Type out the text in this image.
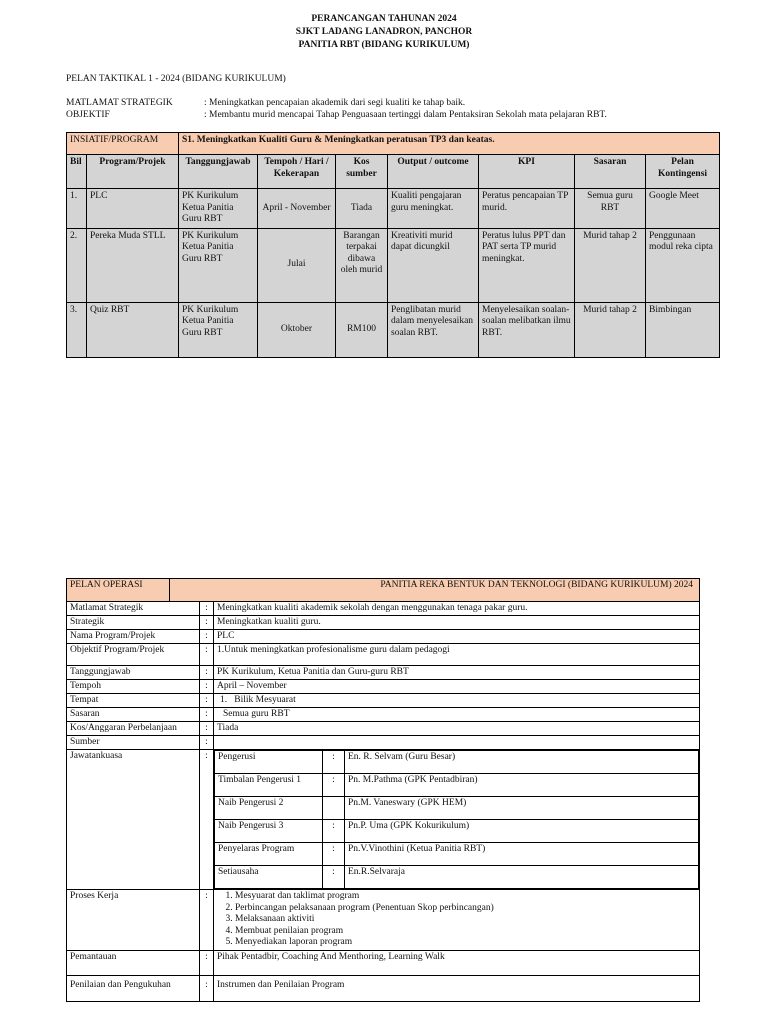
PERANCANGAN TAHUNAN 2024
SJKT LADANG LANADRON, PANCHOR
PANITIA RBT (BIDANG KURIKULUM)
PELAN TAKTIKAL 1 - 2024 (BIDANG KURIKULUM)
MATLAMAT STRATEGIK	: Meningkatkan pencapaian akademik dari segi kualiti ke tahap baik.
OBJEKTIF	: Membantu murid mencapai Tahap Penguasaan tertinggi dalam Pentaksiran Sekolah mata pelajaran RBT.
INSIATIF/PROGRAM		S1. Meningkatkan Kualiti Guru & Meningkatkan peratusan TP3 dan keatas.						
Bil	Program/Projek	Tanggungjawab	Tempoh / Hari / Kekerapan	Kos sumber	Output / outcome	KPI	Sasaran	Pelan Kontingensi
1.	PLC	PK Kurikulum Ketua Panitia Guru RBT	April - November	Tiada	Kualiti pengajaran guru meningkat.	Peratus pencapaian TP murid.	Semua guru RBT	Google Meet
2.	Pereka Muda STLL	PK Kurikulum Ketua Panitia Guru RBT	Julai	Barangan terpakai dibawa oleh murid	Kreativiti murid dapat dicungkil	Peratus lulus PPT dan PAT serta TP murid meningkat.	Murid tahap 2	Penggunaan modul reka cipta
3.	Quiz RBT	PK Kurikulum Ketua Panitia Guru RBT	Oktober	RM100	Penglibatan murid dalam menyelesaikan soalan RBT.	Menyelesaikan soalan-soalan melibatkan ilmu RBT.	Murid tahap 2	Bimbingan
PELAN OPERASI	PANITIA REKA BENTUK DAN TEKNOLOGI (BIDANG KURIKULUM) 2024
Matlamat Strategik	:	Meningkatkan kualiti akademik sekolah dengan menggunakan tenaga pakar guru.
Strategik	:	Meningkatkan kualiti guru.
Nama Program/Projek	:	PLC
Objektif Program/Projek	:	1.Untuk meningkatkan profesionalisme guru dalam pedagogi
Tanggungjawab	:	PK Kurikulum, Ketua Panitia dan Guru-guru RBT
Tempoh	:	April – November
Tempat	:	1.   Bilik Mesyuarat
Sasaran	:	Semua guru RBT
Kos/Anggaran Perbelanjaan	:	Tiada
Sumber	:	
Jawatankuasa	:	Pengerusi	:	En. R. Selvam (Guru Besar)
Timbalan Pengerusi 1	:	Pn. M.Pathma (GPK Pentadbiran)
Naib Pengerusi 2		Pn.M. Vaneswary (GPK HEM)
Naib Pengerusi 3	:	Pn.P. Uma (GPK Kokurikulum)
Penyelaras Program	:	Pn.V.Vinothini (Ketua Panitia RBT)
Setiausaha	:	En.R.Selvaraja

Proses Kerja	:	
1.Mesyuarat dan taklimat program
2. Perbincangan pelaksanaan program (Penentuan Skop perbincangan)
3. Melaksanaan aktiviti
4. Membuat penilaian program
5. Menyediakan laporan program

Pemantauan	:	Pihak Pentadbir, Coaching And Menthoring, Learning Walk
Penilaian dan Pengukuhan	:	Instrumen dan Penilaian Program
